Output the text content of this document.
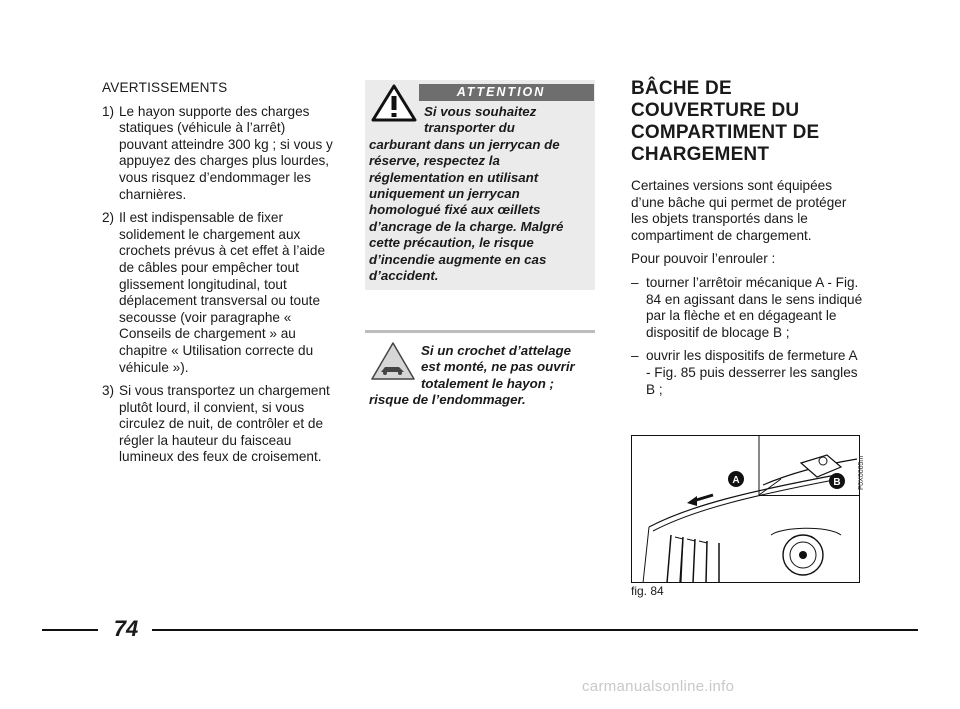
AVERTISSEMENTS
1) Le hayon supporte des charges statiques (véhicule à l’arrêt) pouvant atteindre 300 kg ; si vous y appuyez des charges plus lourdes, vous risquez d’endommager les charnières.
2) Il est indispensable de fixer solidement le chargement aux crochets prévus à cet effet à l’aide de câbles pour empêcher tout glissement longitudinal, tout déplacement transversal ou toute secousse (voir paragraphe « Conseils de chargement » au chapitre « Utilisation correcte du véhicule »).
3) Si vous transportez un chargement plutôt lourd, il convient, si vous circulez de nuit, de contrôler et de régler la hauteur du faisceau lumineux des feux de croisement.
ATTENTION
Si vous souhaitez transporter du
carburant dans un jerrycan de réserve, respectez la réglementation en utilisant uniquement un jerrycan homologué fixé aux œillets d’ancrage de la charge. Malgré cette précaution, le risque d’incendie augmente en cas d’accident.
Si un crochet d’attelage est monté, ne pas ouvrir totalement le hayon ;
risque de l’endommager.
BÂCHE DE COUVERTURE DU COMPARTIMENT DE CHARGEMENT
Certaines versions sont équipées d’une bâche qui permet de protéger les objets transportés dans le compartiment de chargement.
Pour pouvoir l’enrouler :
– tourner l’arrêtoir mécanique A - Fig. 84 en agissant dans le sens indiqué par la flèche et en dégageant le dispositif de blocage B ;
– ouvrir les dispositifs de fermeture A - Fig. 85 puis desserrer les sangles B ;
A	B F0X0065m
fig. 84
74
carmanualsonline.info
